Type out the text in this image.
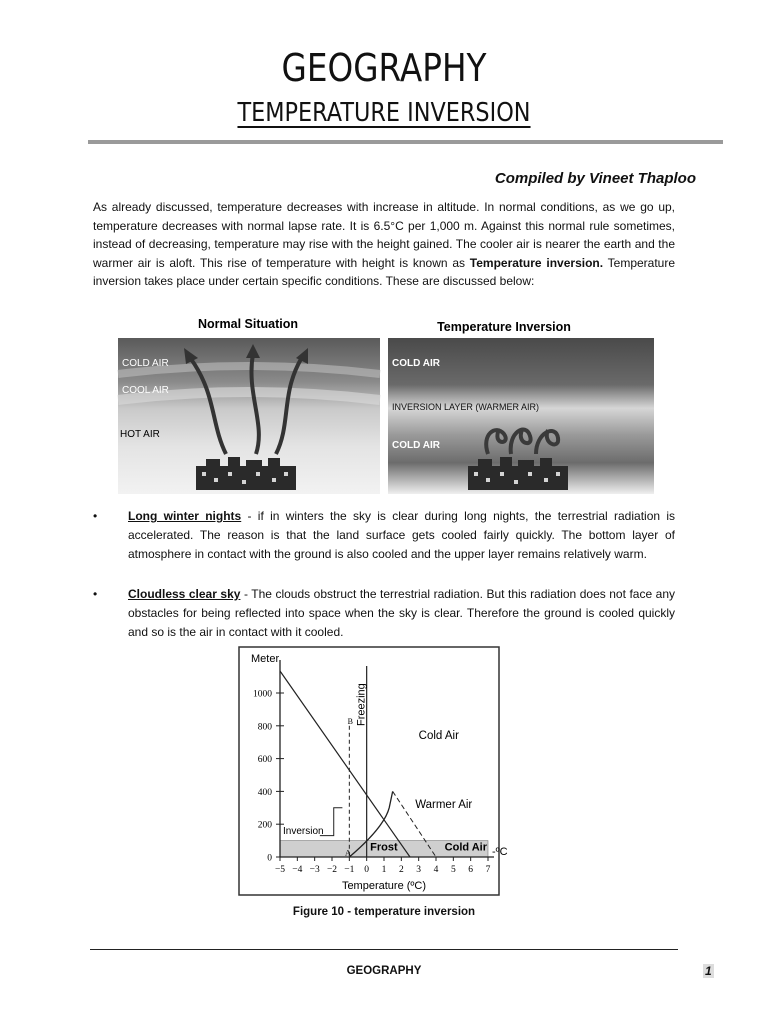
GEOGRAPHY
TEMPERATURE INVERSION
Compiled by Vineet Thaploo
As already discussed, temperature decreases with increase in altitude. In normal conditions, as we go up, temperature decreases with normal lapse rate. It is 6.5°C per 1,000 m. Against this normal rule sometimes, instead of decreasing, temperature may rise with the height gained. The cooler air is nearer the earth and the warmer air is aloft. This rise of temperature with height is known as Temperature inversion. Temperature inversion takes place under certain specific conditions. These are discussed below:
Normal Situation
COLD AIR
COOL AIR
HOT AIR
Temperature Inversion
COLD AIR
INVERSION LAYER (WARMER AIR)
COLD AIR
•	Long winter nights - if in winters the sky is clear during long nights, the terrestrial radiation is accelerated. The reason is that the land surface gets cooled fairly quickly. The bottom layer of atmosphere in contact with the ground is also cooled and the upper layer remains relatively warm.
•	Cloudless clear sky - The clouds obstruct the terrestrial radiation. But this radiation does not face any obstacles for being reflected into space when the sky is clear. Therefore the ground is cooled quickly and so is the air in contact with it cooled.
0
200
400
600
800
1000
−5 −4 −3 −2 −1 0 1 2 3 4 5 6 7
Meter
Temperature (ºC)
Freezing
Cold Air
Warmer Air
Inversion
Frost	Cold Air -ºC
A
B
Figure 10 - temperature inversion
GEOGRAPHY	1
